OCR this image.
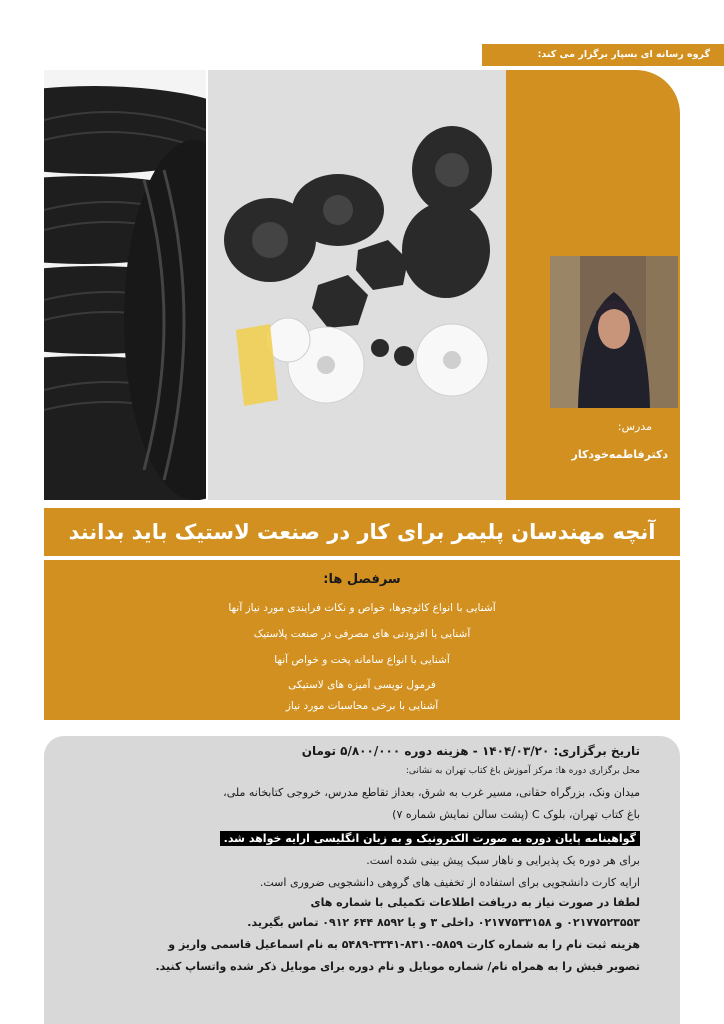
گروه رسانه ای بسپار برگزار می کند:
مدرس:
دکترفاطمه‌خودکار
آنچه مهندسان پلیمر برای کار در صنعت لاستیک باید بدانند
سرفصل ها:
آشنایی با انواع کائوچوها، خواص و نکات فرایندی مورد نیاز آنها
آشنایی با افزودنی های مصرفی در صنعت پلاستیک
آشنایی با انواع سامانه پخت و خواص آنها
فرمول نویسی آمیزه های لاستیکی
آشنایی با برخی محاسبات مورد نیاز
تاریخ برگزاری: ۱۴۰۴/۰۳/۲۰ - هزینه دوره ۵/۸۰۰/۰۰۰ تومان
محل برگزاری دوره ها: مرکز آموزش باغ کتاب تهران به نشانی:
میدان ونک، بزرگراه حقانی، مسیر غرب به شرق، بعداز تقاطع مدرس، خروجی کتابخانه ملی،
باغ کتاب تهران، بلوک C (پشت سالن نمایش شماره ۷)
گواهینامه پایان دوره به صورت الکترونیک و به زبان انگلیسی ارایه خواهد شد.
برای هر دوره یک پذیرایی و ناهار سبک پیش بینی شده است.
ارایه کارت دانشجویی برای استفاده از تخفیف های گروهی دانشجویی ضروری است.
لطفا در صورت نیاز به دریافت اطلاعات تکمیلی با شماره های
۰۲۱۷۷۵۲۳۵۵۳ و ۰۲۱۷۷۵۳۳۱۵۸ داخلی ۳ و یا ۸۵۹۲ ۶۴۴ ۰۹۱۲ تماس بگیرید.
هزینه ثبت نام را به شماره کارت ۵۸۵۹-۸۳۱۰-۳۳۴۱-۵۴۸۹ به نام اسماعیل قاسمی واریز و
تصویر فیش را به همراه نام/ شماره موبایل و نام دوره برای موبایل ذکر شده واتساپ کنید.
